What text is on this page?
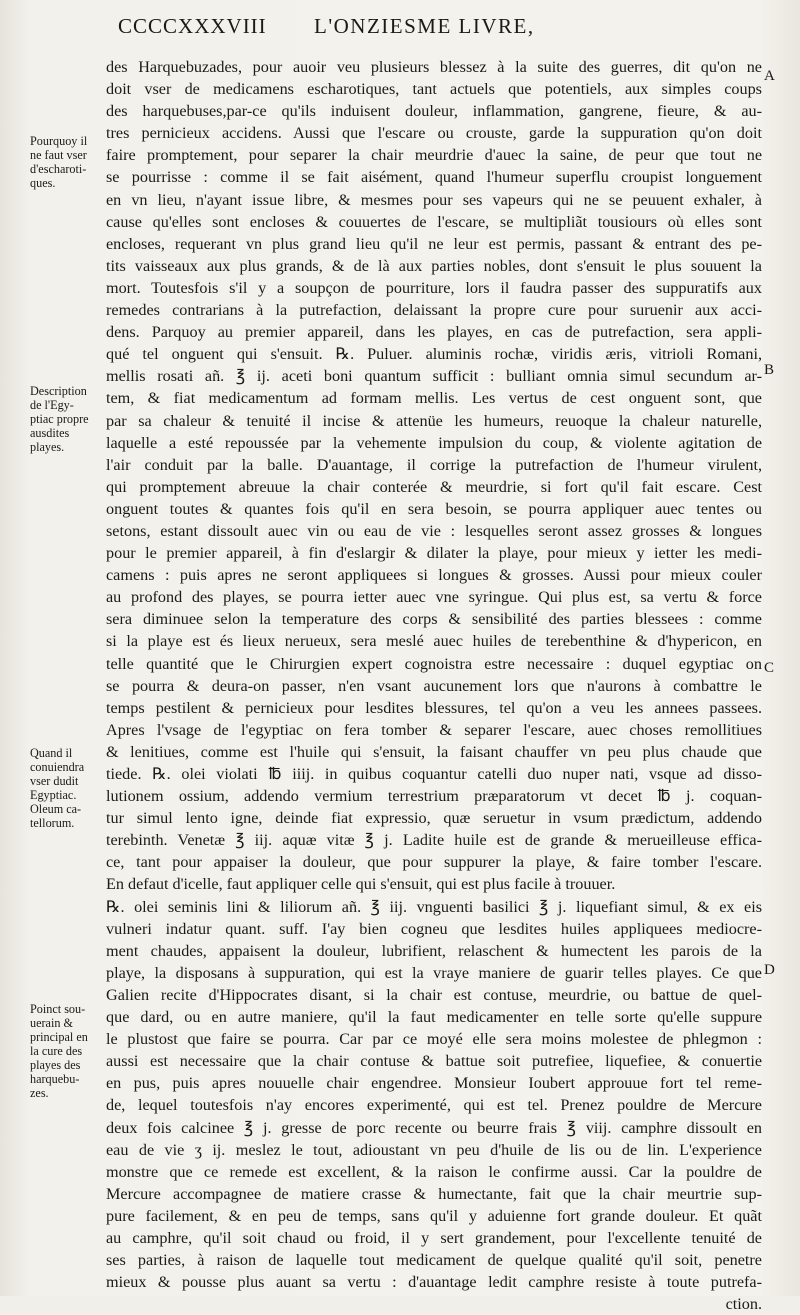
CCCCXXXVIII L'ONZIESME LIVRE,
des Harquebuzades, pour auoir veu plusieurs blessez à la suite des guerres, dit qu'on ne
doit vser de medicamens escharotiques, tant actuels que potentiels, aux simples coups
des harquebuses,par-ce qu'ils induisent douleur, inflammation, gangrene, fieure, & au-
tres pernicieux accidens. Aussi que l'escare ou crouste, garde la suppuration qu'on doit
faire promptement, pour separer la chair meurdrie d'auec la saine, de peur que tout ne
se pourrisse : comme il se fait aisément, quand l'humeur superflu croupist longuement
en vn lieu, n'ayant issue libre, & mesmes pour ses vapeurs qui ne se peuuent exhaler, à
cause qu'elles sont encloses & couuertes de l'escare, se multipliãt tousiours où elles sont
encloses, requerant vn plus grand lieu qu'il ne leur est permis, passant & entrant des pe-
tits vaisseaux aux plus grands, & de là aux parties nobles, dont s'ensuit le plus souuent la
mort. Toutesfois s'il y a soupçon de pourriture, lors il faudra passer des suppuratifs aux
remedes contrarians à la putrefaction, delaissant la propre cure pour suruenir aux acci-
dens. Parquoy au premier appareil, dans les playes, en cas de putrefaction, sera appli-
qué tel onguent qui s'ensuit. ℞. Puluer. aluminis rochæ, viridis æris, vitrioli Romani,
mellis rosati añ. ℥ ij. aceti boni quantum sufficit : bulliant omnia simul secundum ar-
tem, & fiat medicamentum ad formam mellis. Les vertus de cest onguent sont, que
par sa chaleur & tenuité il incise & attenüe les humeurs, reuoque la chaleur naturelle,
laquelle a esté repoussée par la vehemente impulsion du coup, & violente agitation de
l'air conduit par la balle. D'auantage, il corrige la putrefaction de l'humeur virulent,
qui promptement abreuue la chair conterée & meurdrie, si fort qu'il fait escare. Cest
onguent toutes & quantes fois qu'il en sera besoin, se pourra appliquer auec tentes ou
setons, estant dissoult auec vin ou eau de vie : lesquelles seront assez grosses & longues
pour le premier appareil, à fin d'eslargir & dilater la playe, pour mieux y ietter les medi-
camens : puis apres ne seront appliquees si longues & grosses. Aussi pour mieux couler
au profond des playes, se pourra ietter auec vne syringue. Qui plus est, sa vertu & force
sera diminuee selon la temperature des corps & sensibilité des parties blessees : comme
si la playe est és lieux nerueux, sera meslé auec huiles de terebenthine & d'hypericon, en
telle quantité que le Chirurgien expert cognoistra estre necessaire : duquel egyptiac on
se pourra & deura-on passer, n'en vsant aucunement lors que n'aurons à combattre le
temps pestilent & pernicieux pour lesdites blessures, tel qu'on a veu les annees passees.
Apres l'vsage de l'egyptiac on fera tomber & separer l'escare, auec choses remollitiues
& lenitiues, comme est l'huile qui s'ensuit, la faisant chauffer vn peu plus chaude que
tiede. ℞. olei violati ℔ iiij. in quibus coquantur catelli duo nuper nati, vsque ad disso-
lutionem ossium, addendo vermium terrestrium præparatorum vt decet ℔ j. coquan-
tur simul lento igne, deinde fiat expressio, quæ seruetur in vsum prædictum, addendo
terebinth. Venetæ ℥ iij. aquæ vitæ ℥ j. Ladite huile est de grande & merueilleuse effica-
ce, tant pour appaiser la douleur, que pour suppurer la playe, & faire tomber l'escare.
En defaut d'icelle, faut appliquer celle qui s'ensuit, qui est plus facile à trouuer.
℞. olei seminis lini & liliorum añ. ℥ iij. vnguenti basilici ℥ j. liquefiant simul, & ex eis
vulneri indatur quant. suff. I'ay bien cogneu que lesdites huiles appliquees mediocre-
ment chaudes, appaisent la douleur, lubrifient, relaschent & humectent les parois de la
playe, la disposans à suppuration, qui est la vraye maniere de guarir telles playes. Ce que
Galien recite d'Hippocrates disant, si la chair est contuse, meurdrie, ou battue de quel-
que dard, ou en autre maniere, qu'il la faut medicamenter en telle sorte qu'elle suppure
le plustost que faire se pourra. Car par ce moyé elle sera moins molestee de phlegmon :
aussi est necessaire que la chair contuse & battue soit putrefiee, liquefiee, & conuertie
en pus, puis apres nouuelle chair engendree. Monsieur Ioubert approuue fort tel reme-
de, lequel toutesfois n'ay encores experimenté, qui est tel. Prenez pouldre de Mercure
deux fois calcinee ℥ j. gresse de porc recente ou beurre frais ℥ viij. camphre dissoult en
eau de vie ʒ ij. meslez le tout, adioustant vn peu d'huile de lis ou de lin. L'experience
monstre que ce remede est excellent, & la raison le confirme aussi. Car la pouldre de
Mercure accompagnee de matiere crasse & humectante, fait que la chair meurtrie sup-
pure facilement, & en peu de temps, sans qu'il y aduienne fort grande douleur. Et quãt
au camphre, qu'il soit chaud ou froid, il y sert grandement, pour l'excellente tenuité de
ses parties, à raison de laquelle tout medicament de quelque qualité qu'il soit, penetre
mieux & pousse plus auant sa vertu : d'auantage ledit camphre resiste à toute putrefa-
ction.
Pourquoy il
ne faut vser
d'escharoti-
ques.
Description
de l'Egy-
ptiac propre
ausdites
playes.
Quand il
conuiendra
vser dudit
Egyptiac.
Oleum ca-
tellorum.
Poinct sou-
uerain &
principal en
la cure des
playes des
harquebu-
zes.
A
B
C
D
